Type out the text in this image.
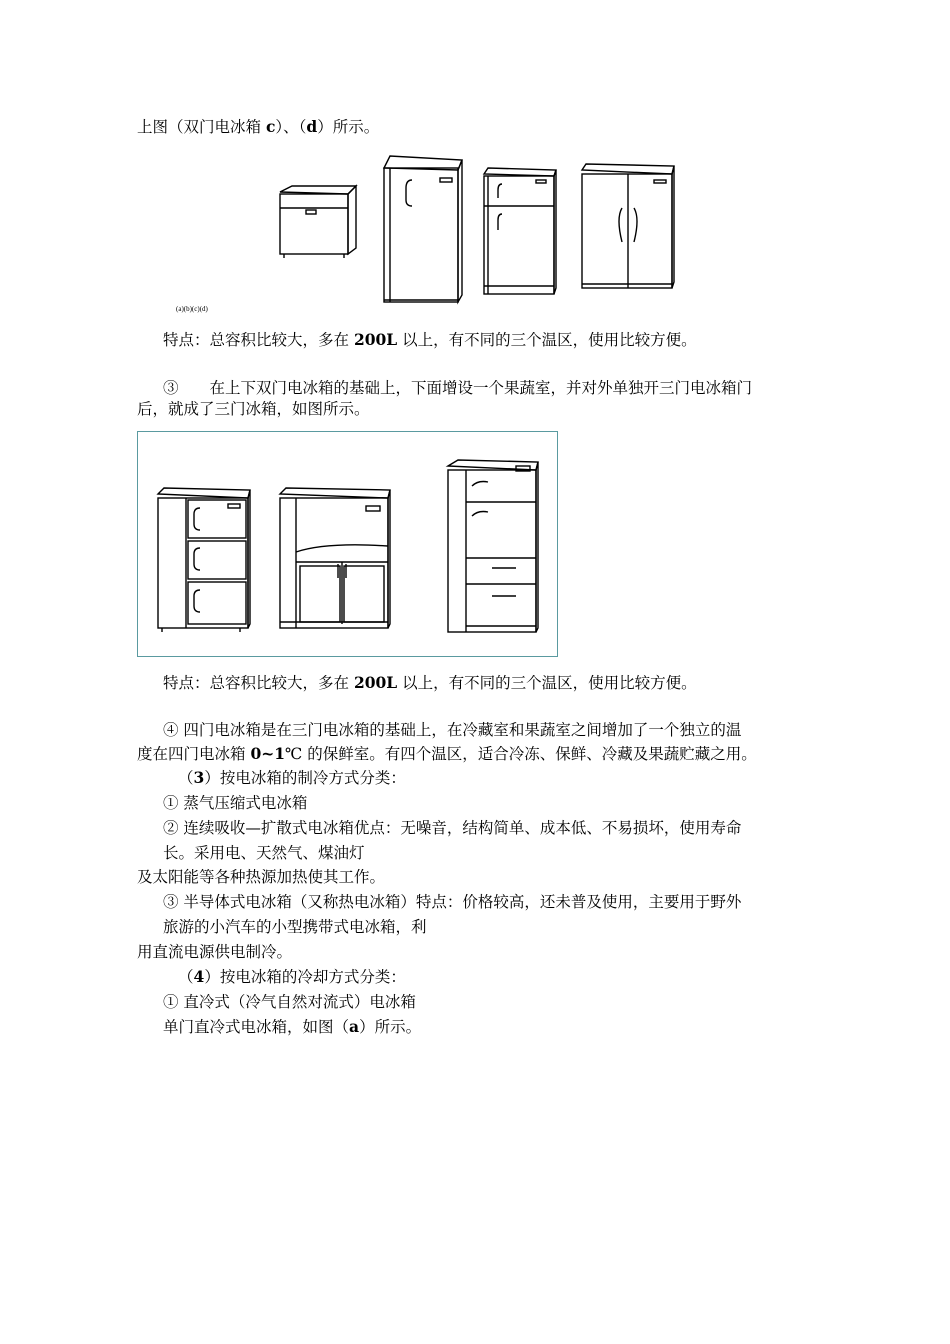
上图（双门电冰箱 c）、（d）所示。
(a)(b)(c)(d)
特点：总容积比较大，多在 200L 以上，有不同的三个温区，使用比较方便。
③　　在上下双门电冰箱的基础上，下面增设一个果蔬室，并对外单独开三门电冰箱门
后，就成了三门冰箱，如图所示。
特点：总容积比较大，多在 200L 以上，有不同的三个温区，使用比较方便。
④ 四门电冰箱是在三门电冰箱的基础上，在冷藏室和果蔬室之间增加了一个独立的温
度在四门电冰箱 0~1℃ 的保鲜室。有四个温区，适合冷冻、保鲜、冷藏及果蔬贮藏之用。
（3）按电冰箱的制冷方式分类：
① 蒸气压缩式电冰箱
② 连续吸收—扩散式电冰箱优点：无噪音，结构简单、成本低、不易损坏，使用寿命
长。采用电、天然气、煤油灯
及太阳能等各种热源加热使其工作。
③ 半导体式电冰箱（又称热电冰箱）特点：价格较高，还未普及使用，主要用于野外
旅游的小汽车的小型携带式电冰箱，利
用直流电源供电制冷。
（4）按电冰箱的冷却方式分类：
① 直冷式（冷气自然对流式）电冰箱
单门直冷式电冰箱，如图（a）所示。
